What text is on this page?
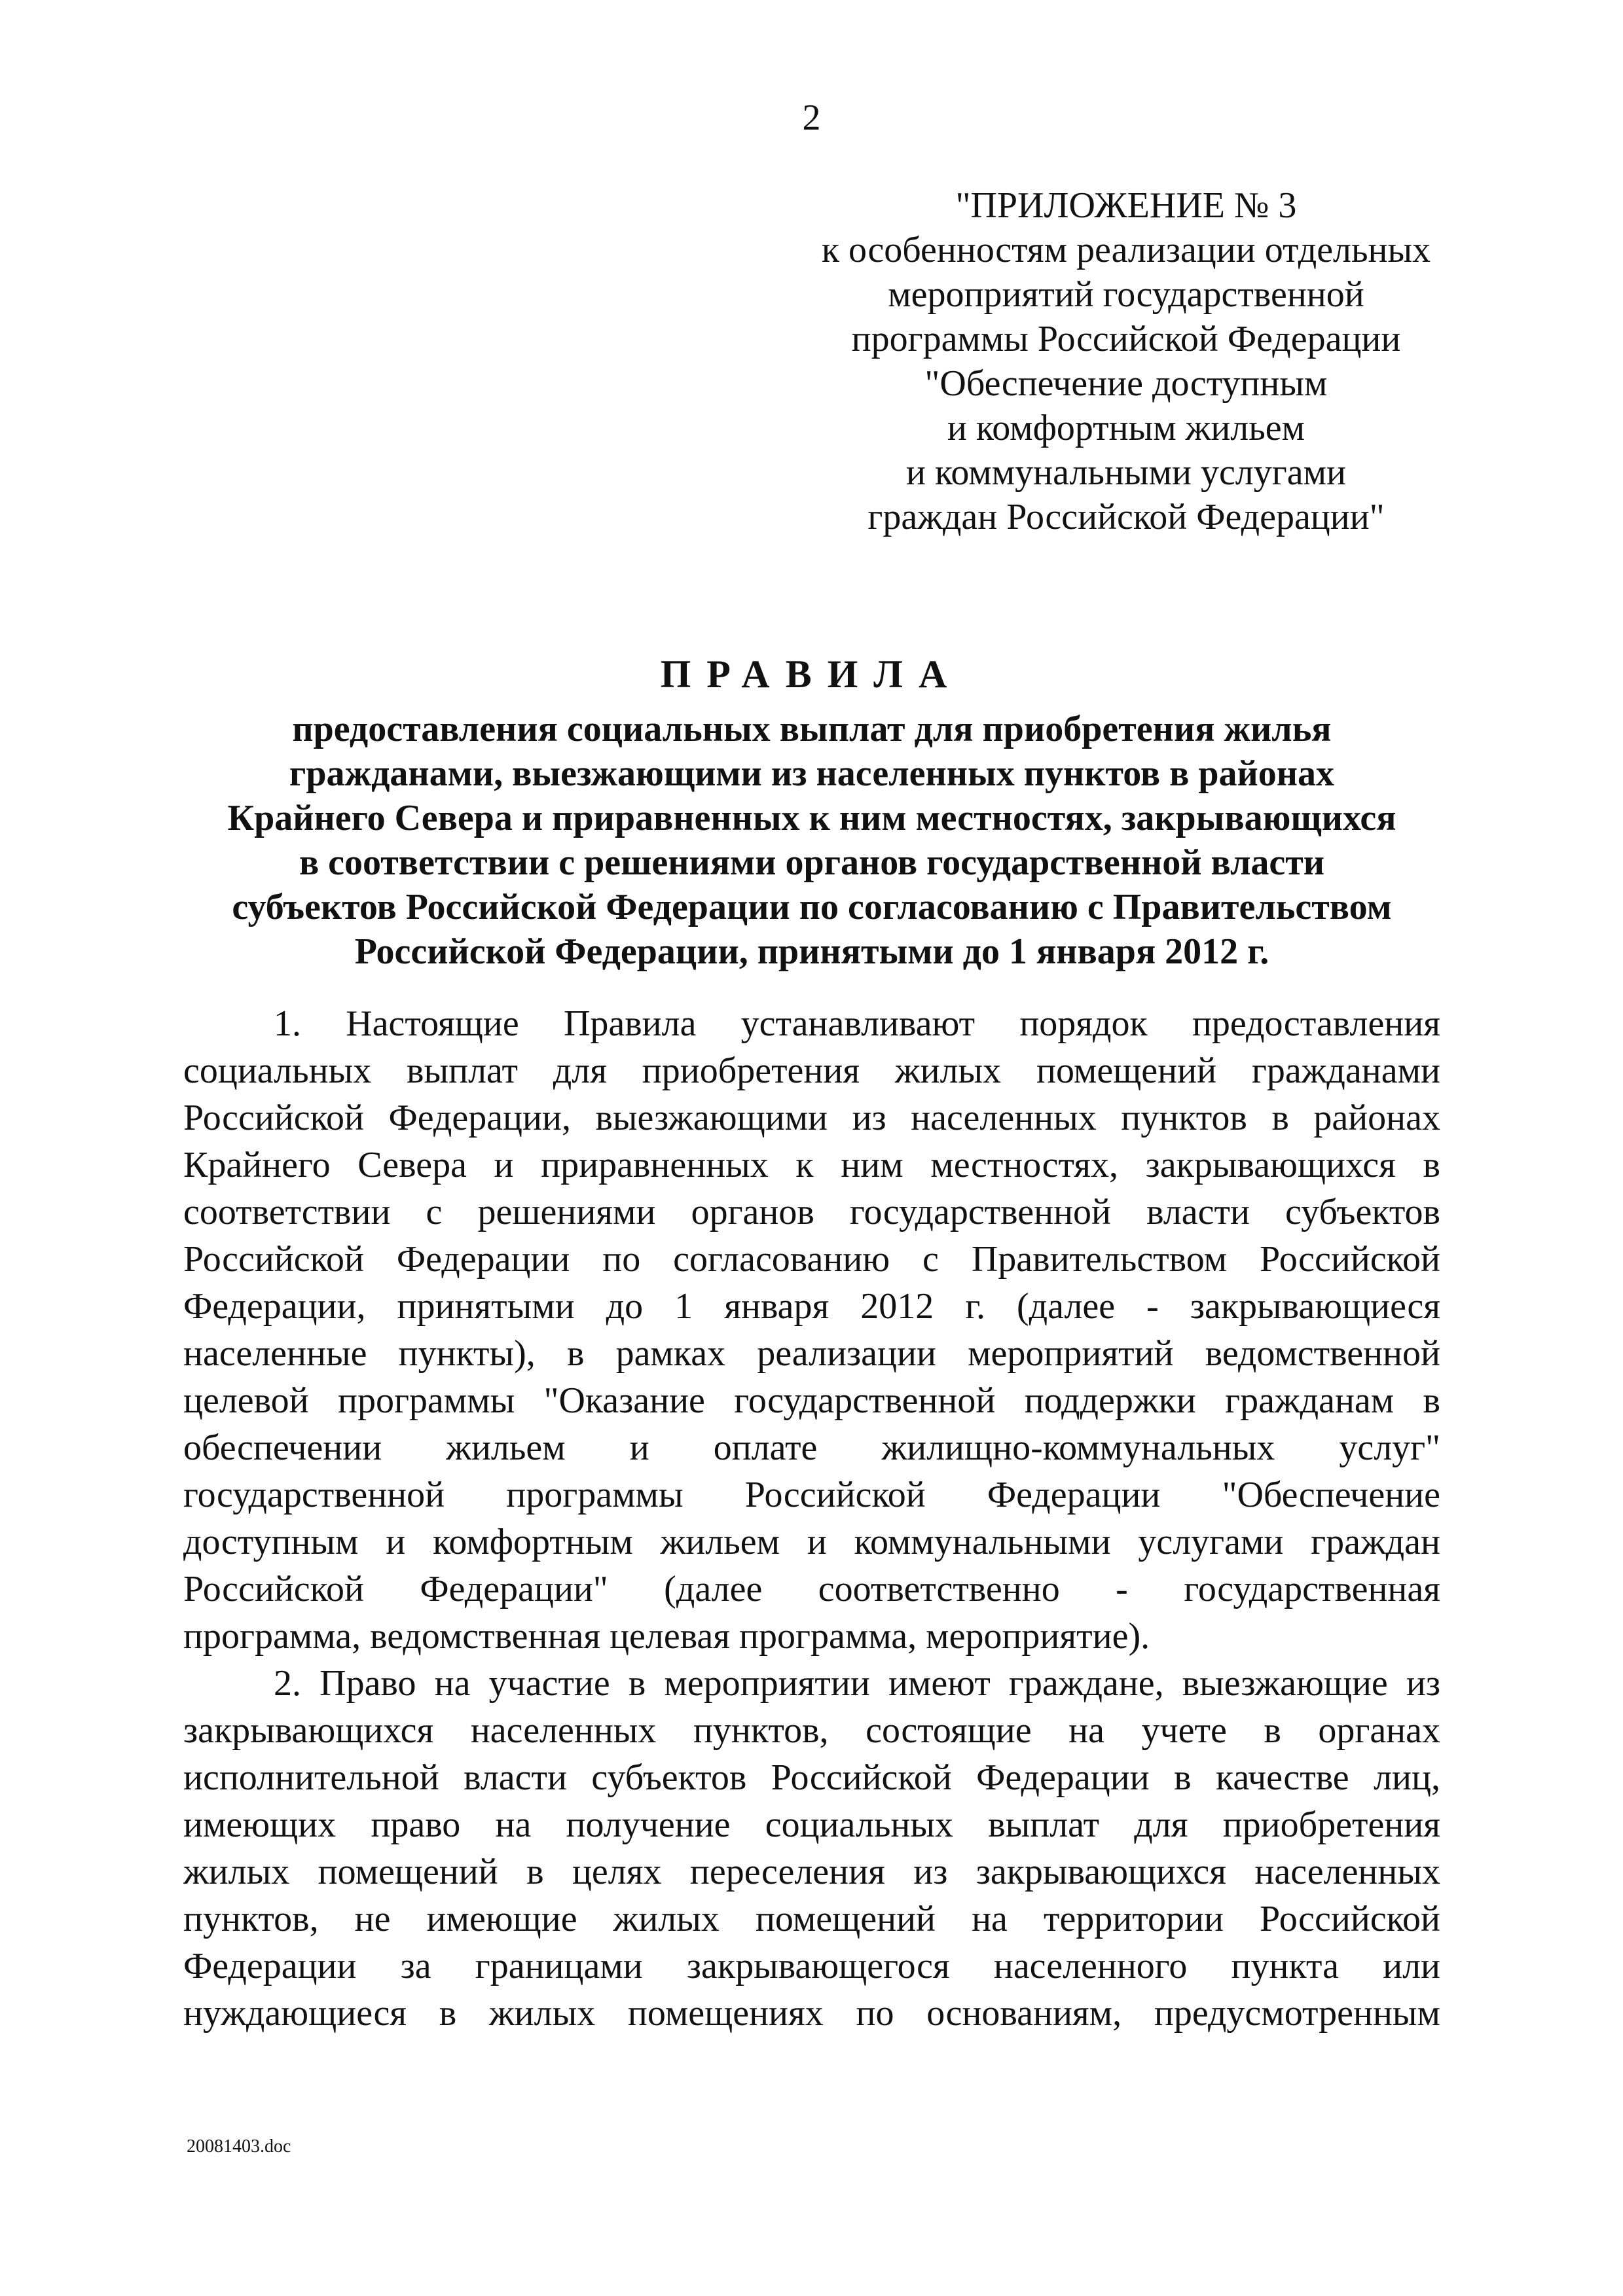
2
"ПРИЛОЖЕНИЕ № 3
к особенностям реализации отдельных
мероприятий государственной
программы Российской Федерации
"Обеспечение доступным
и комфортным жильем
и коммунальными услугами
граждан Российской Федерации"
ПРАВИЛА
предоставления социальных выплат для приобретения жилья
гражданами, выезжающими из населенных пунктов в районах
Крайнего Севера и приравненных к ним местностях, закрывающихся
в соответствии с решениями органов государственной власти
субъектов Российской Федерации по согласованию с Правительством
Российской Федерации, принятыми до 1 января 2012 г.
1. Настоящие Правила устанавливают порядок предоставления
социальных выплат для приобретения жилых помещений гражданами
Российской Федерации, выезжающими из населенных пунктов в районах
Крайнего Севера и приравненных к ним местностях, закрывающихся в
соответствии с решениями органов государственной власти субъектов
Российской Федерации по согласованию с Правительством Российской
Федерации, принятыми до 1 января 2012 г. (далее - закрывающиеся
населенные пункты), в рамках реализации мероприятий ведомственной
целевой программы "Оказание государственной поддержки гражданам в
обеспечении жильем и оплате жилищно-коммунальных услуг"
государственной программы Российской Федерации "Обеспечение
доступным и комфортным жильем и коммунальными услугами граждан
Российской Федерации" (далее соответственно - государственная
программа, ведомственная целевая программа, мероприятие).
2. Право на участие в мероприятии имеют граждане, выезжающие из
закрывающихся населенных пунктов, состоящие на учете в органах
исполнительной власти субъектов Российской Федерации в качестве лиц,
имеющих право на получение социальных выплат для приобретения
жилых помещений в целях переселения из закрывающихся населенных
пунктов, не имеющие жилых помещений на территории Российской
Федерации за границами закрывающегося населенного пункта или
нуждающиеся в жилых помещениях по основаниям, предусмотренным
20081403.doc
